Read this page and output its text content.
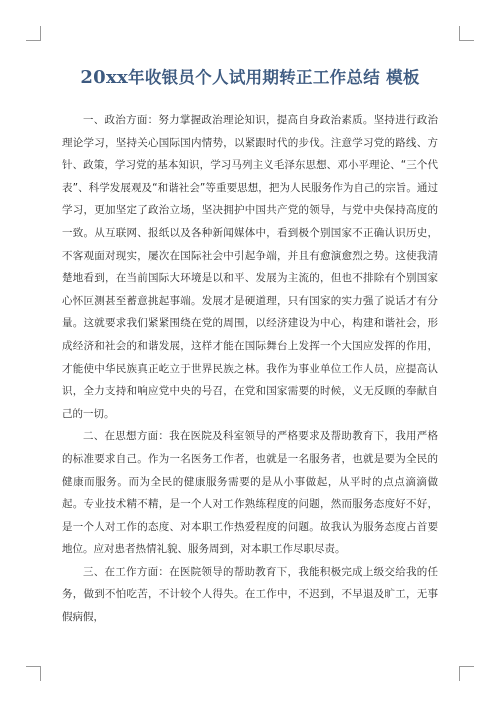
20xx年收银员个人试用期转正工作总结 模板

一、政治方面：努力掌握政治理论知识，提高自身政治素质。坚持进行政治理论学习，坚持关心国际国内情势，以紧跟时代的步伐。注意学习党的路线、方针、政策，学习党的基本知识，学习马列主义毛泽东思想、邓小平理论、“三个代表”、科学发展观及“和谐社会”等重要思想，把为人民服务作为自己的宗旨。通过学习，更加坚定了政治立场，坚决拥护中国共产党的领导，与党中央保持高度的一致。从互联网、报纸以及各种新闻媒体中，看到极个别国家不正确认识历史，不客观面对现实，屡次在国际社会中引起争端，并且有愈演愈烈之势。这使我清楚地看到，在当前国际大环境是以和平、发展为主流的，但也不排除有个别国家心怀叵测甚至蓄意挑起事端。发展才是硬道理，只有国家的实力强了说话才有分量。这就要求我们紧紧围绕在党的周围，以经济建设为中心，构建和谐社会，形成经济和社会的和谐发展，这样才能在国际舞台上发挥一个大国应发挥的作用，才能使中华民族真正屹立于世界民族之林。我作为事业单位工作人员，应提高认识，全力支持和响应党中央的号召，在党和国家需要的时候，义无反顾的奉献自己的一切。

二、在思想方面：我在医院及科室领导的严格要求及帮助教育下，我用严格的标准要求自己。作为一名医务工作者，也就是一名服务者，也就是要为全民的健康而服务。而为全民的健康服务需要的是从小事做起，从平时的点点滴滴做起。专业技术精不精，是一个人对工作熟练程度的问题，然而服务态度好不好，是一个人对工作的态度、对本职工作热爱程度的问题。故我认为服务态度占首要地位。应对患者热情礼貌、服务周到，对本职工作尽职尽责。

三、在工作方面：在医院领导的帮助教育下，我能积极完成上级交给我的任务，做到不怕吃苦，不计较个人得失。在工作中，不迟到，不早退及旷工，无事假病假，
